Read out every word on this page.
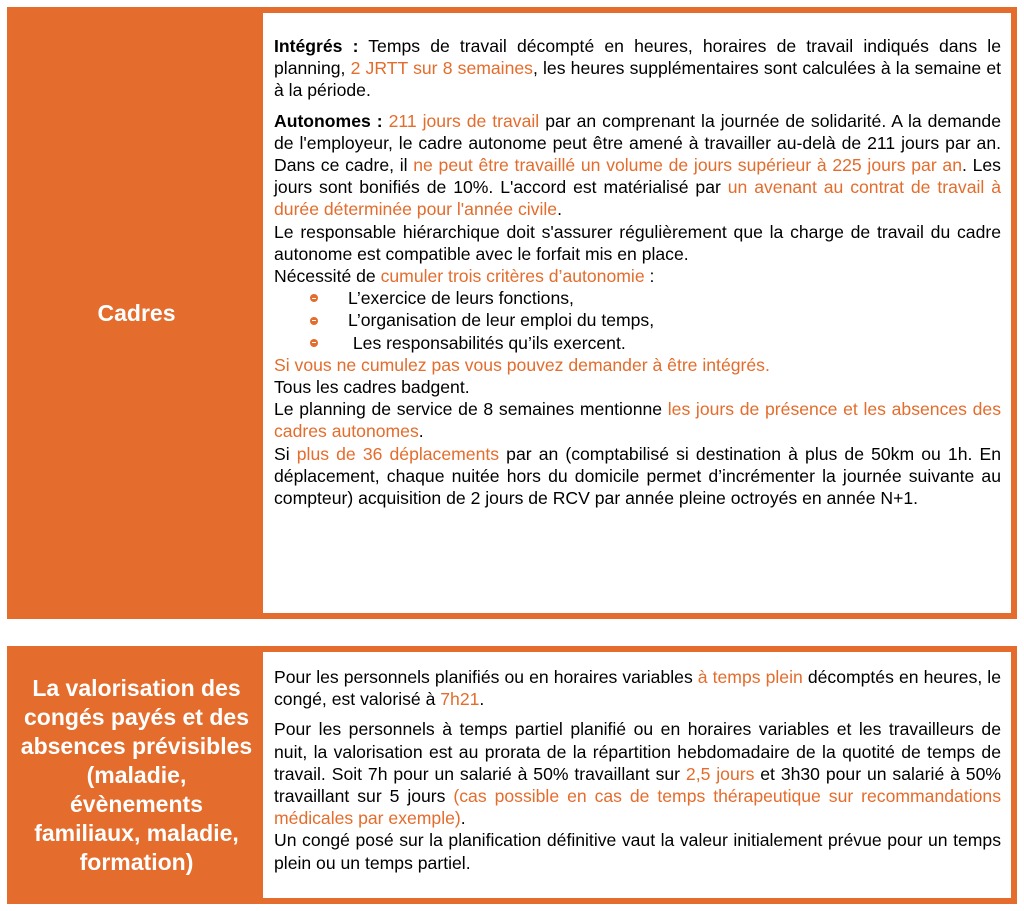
Cadres

Intégrés : Temps de travail décompté en heures, horaires de travail indiqués dans le planning, 2 JRTT sur 8 semaines, les heures supplémentaires sont calculées à la semaine et à la période.

Autonomes : 211 jours de travail par an comprenant la journée de solidarité. A la demande de l'employeur, le cadre autonome peut être amené à travailler au-delà de 211 jours par an. Dans ce cadre, il ne peut être travaillé un volume de jours supérieur à 225 jours par an. Les jours sont bonifiés de 10%. L'accord est matérialisé par un avenant au contrat de travail à durée déterminée pour l'année civile.

Le responsable hiérarchique doit s'assurer régulièrement que la charge de travail du cadre autonome est compatible avec le forfait mis en place.

Nécessité de cumuler trois critères d’autonomie :

L’exercice de leurs fonctions,
L’organisation de leur emploi du temps,
Les responsabilités qu’ils exercent.

Si vous ne cumulez pas vous pouvez demander à être intégrés.

Tous les cadres badgent.

Le planning de service de 8 semaines mentionne les jours de présence et les absences des cadres autonomes.

Si plus de 36 déplacements par an (comptabilisé si destination à plus de 50km ou 1h. En déplacement, chaque nuitée hors du domicile permet d’incrémenter la journée suivante au compteur) acquisition de 2 jours de RCV par année pleine octroyés en année N+1.

La valorisation des congés payés et des absences prévisibles (maladie, évènements familiaux, maladie, formation)

Pour les personnels planifiés ou en horaires variables à temps plein décomptés en heures, le congé, est valorisé à 7h21.

Pour les personnels à temps partiel planifié ou en horaires variables et les travailleurs de nuit, la valorisation est au prorata de la répartition hebdomadaire de la quotité de temps de travail. Soit 7h pour un salarié à 50% travaillant sur 2,5 jours et 3h30 pour un salarié à 50% travaillant sur 5 jours (cas possible en cas de temps thérapeutique sur recommandations médicales par exemple).

Un congé posé sur la planification définitive vaut la valeur initialement prévue pour un temps plein ou un temps partiel.
